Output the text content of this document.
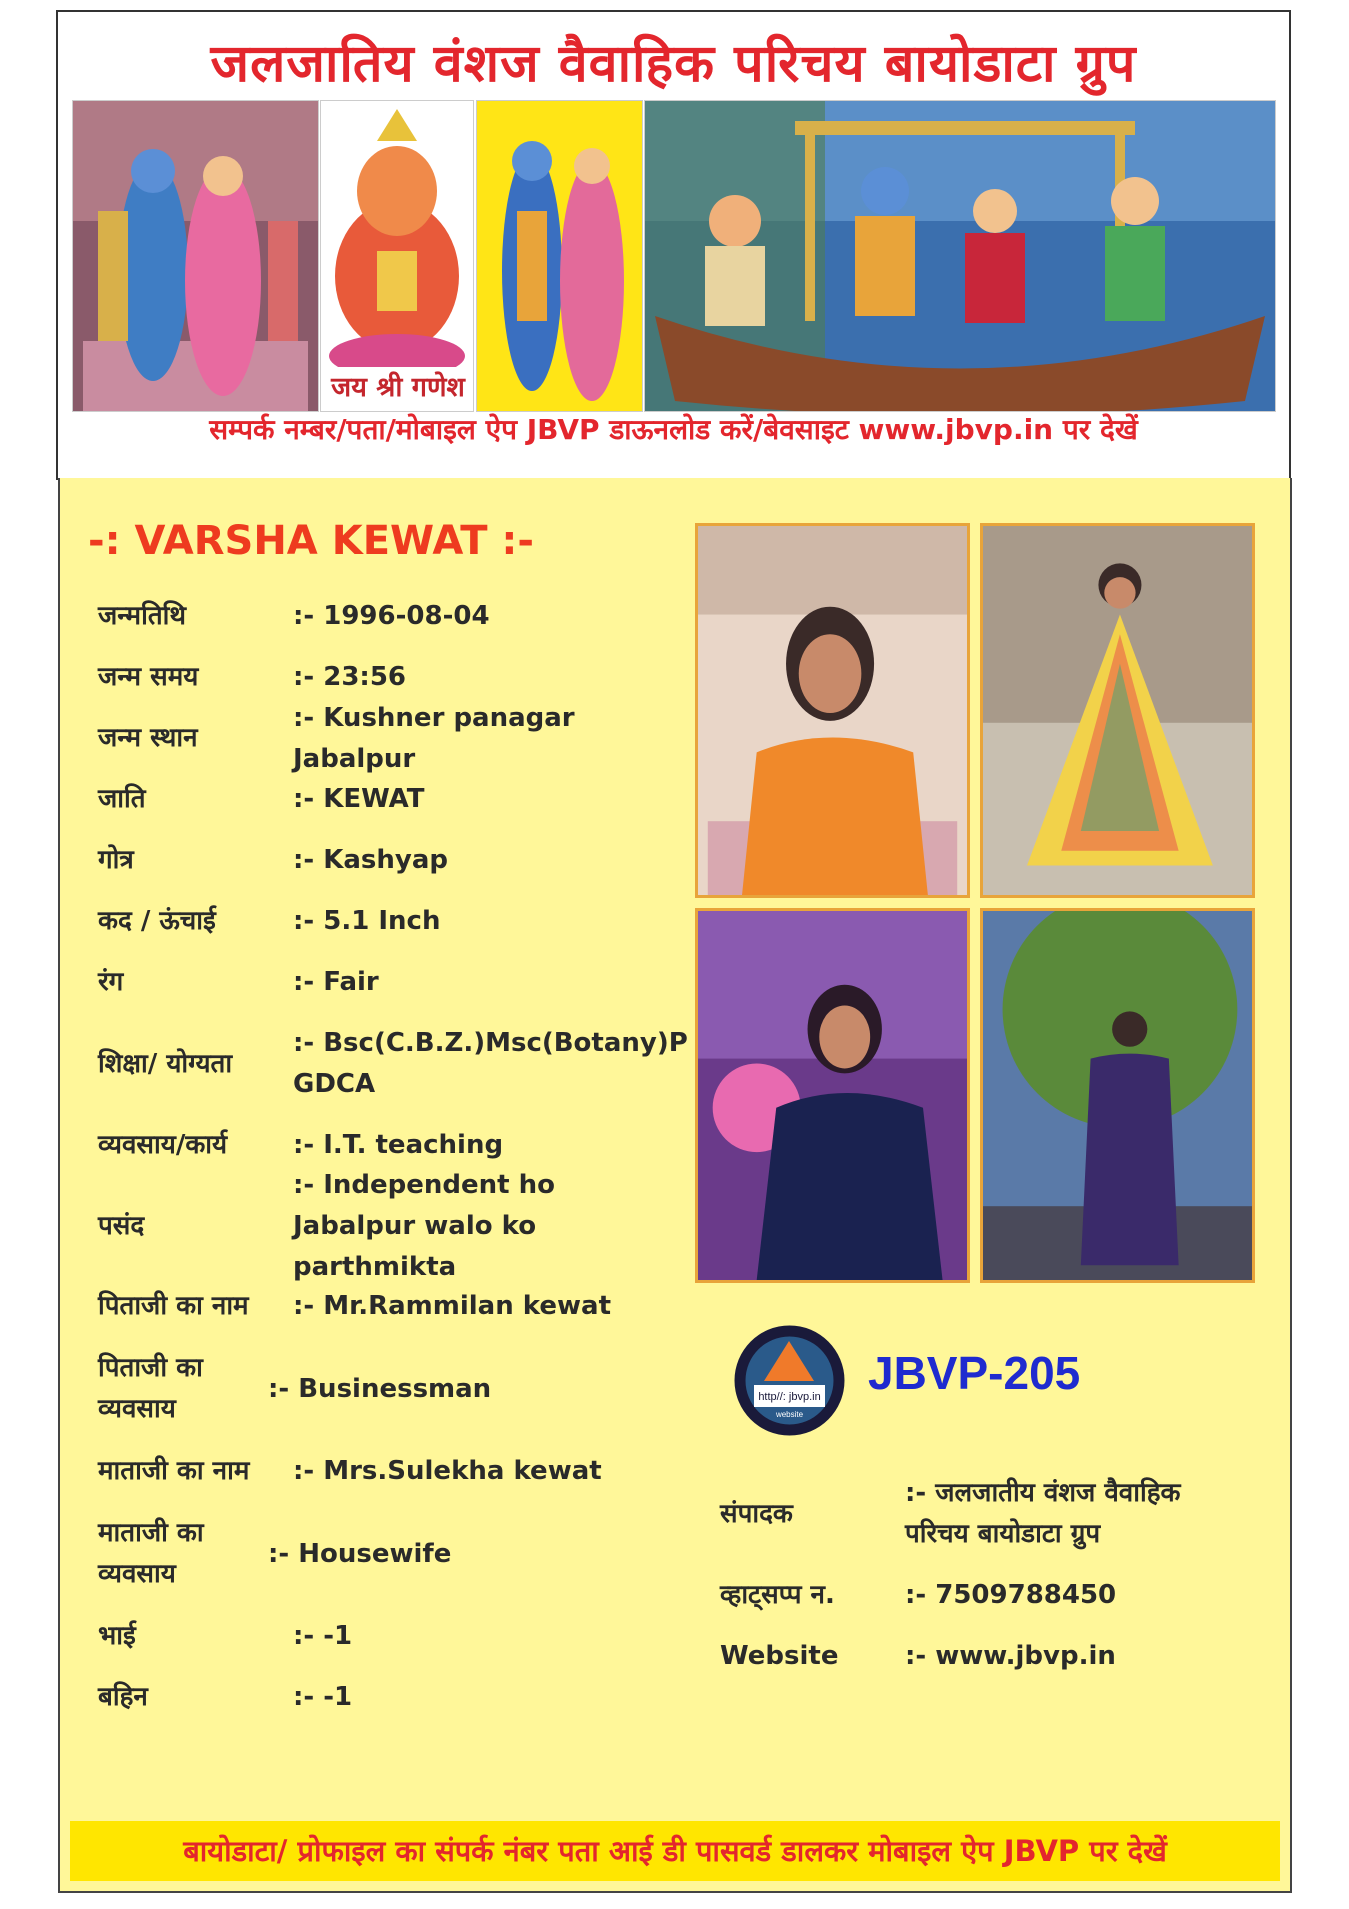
जलजातिय वंशज वैवाहिक परिचय बायोडाटा ग्रुप
जय श्री गणेश
सम्पर्क नम्बर/पता/मोबाइल ऐप JBVP डाऊनलोड करें/बेवसाइट www.jbvp.in पर देखें
-: VARSHA KEWAT :-
जन्मतिथि	:- 1996-08-04
जन्म समय	:- 23:56
जन्म स्थान
:- Kushner panagar Jabalpur
जाति	:- KEWAT
गोत्र	:- Kashyap
कद / ऊंचाई	:- 5.1 Inch
रंग	:- Fair
शिक्षा/ योग्यता
:- Bsc(C.B.Z.)Msc(Botany)PGDCA
व्यवसाय/कार्य	:- I.T. teaching
पसंद
:- Independent ho Jabalpur walo ko parthmikta
पिताजी का नाम	:- Mr.Rammilan kewat
पिताजी का व्यवसाय
:- Businessman
माताजी का नाम	:- Mrs.Sulekha kewat
माताजी का व्यवसाय
:- Housewife
भाई	:- -1
बहिन	:- -1
http//: jbvp.in
website
JBVP-205
संपादक
:- जलजातीय वंशज वैवाहिक परिचय बायोडाटा ग्रुप
व्हाट्सप्प न.	:- 7509788450
Website	:- www.jbvp.in
बायोडाटा/ प्रोफाइल का संपर्क नंबर पता आई डी पासवर्ड डालकर मोबाइल ऐप JBVP पर देखें
